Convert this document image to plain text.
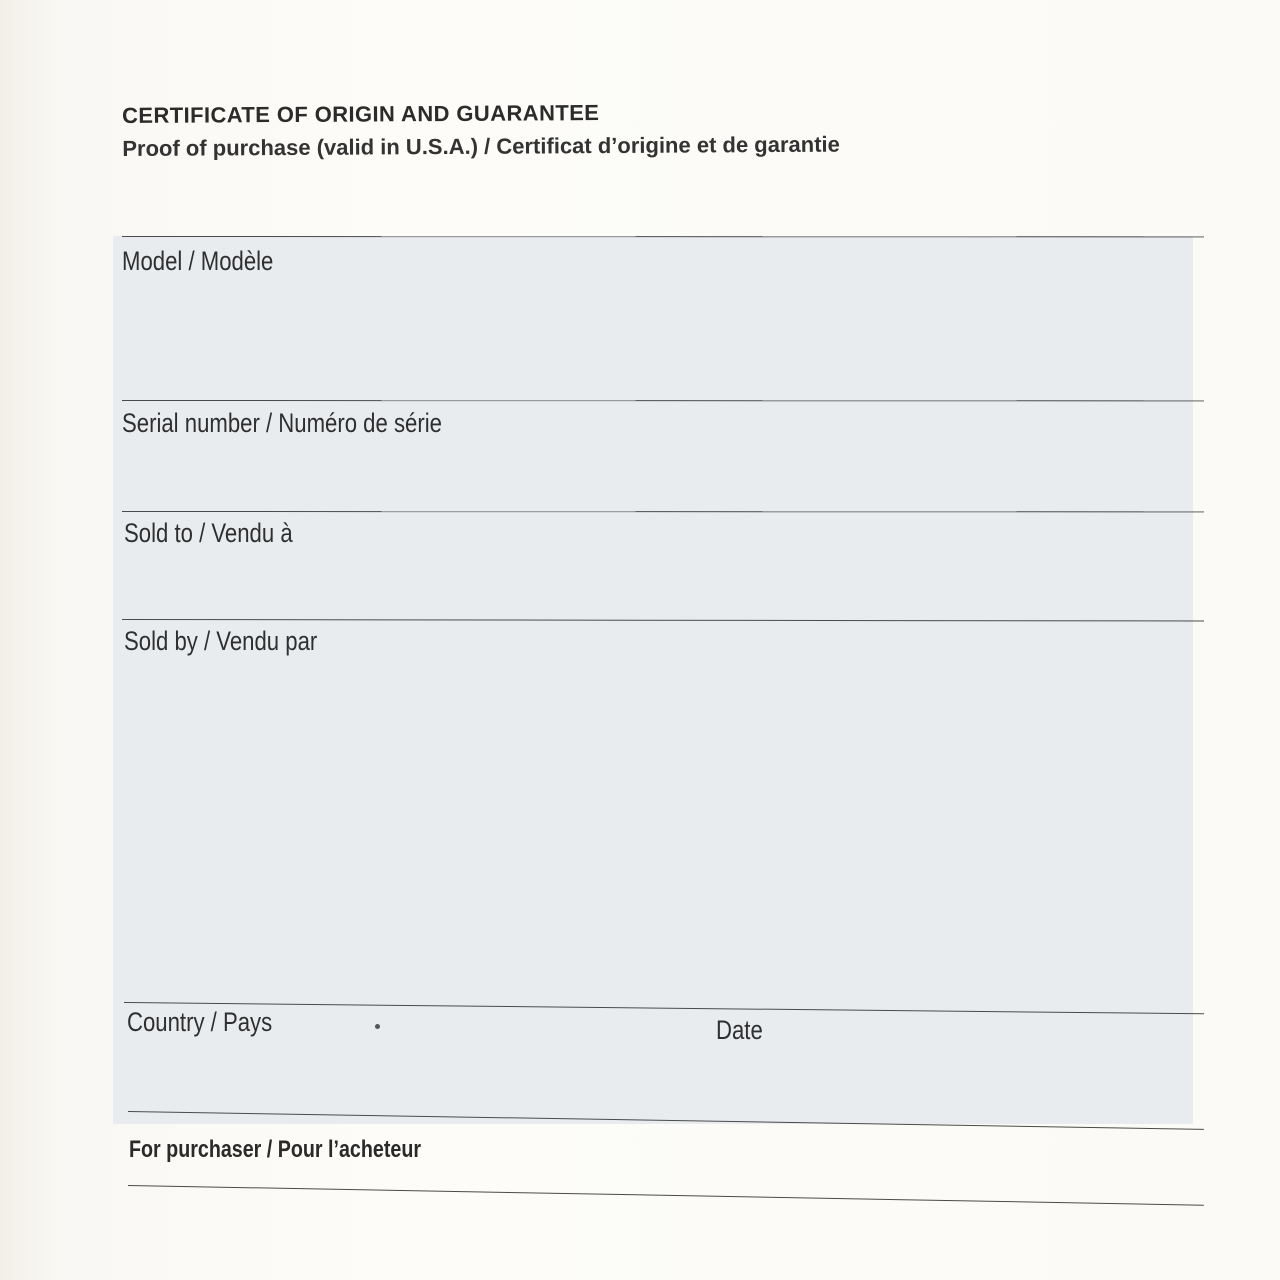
CERTIFICATE OF ORIGIN AND GUARANTEE
Proof of purchase (valid in U.S.A.) / Certificat d’origine et de garantie
Model / Modèle
Serial number / Numéro de série
Sold to / Vendu à
Sold by / Vendu par
Country / Pays	Date
For purchaser / Pour l’acheteur
